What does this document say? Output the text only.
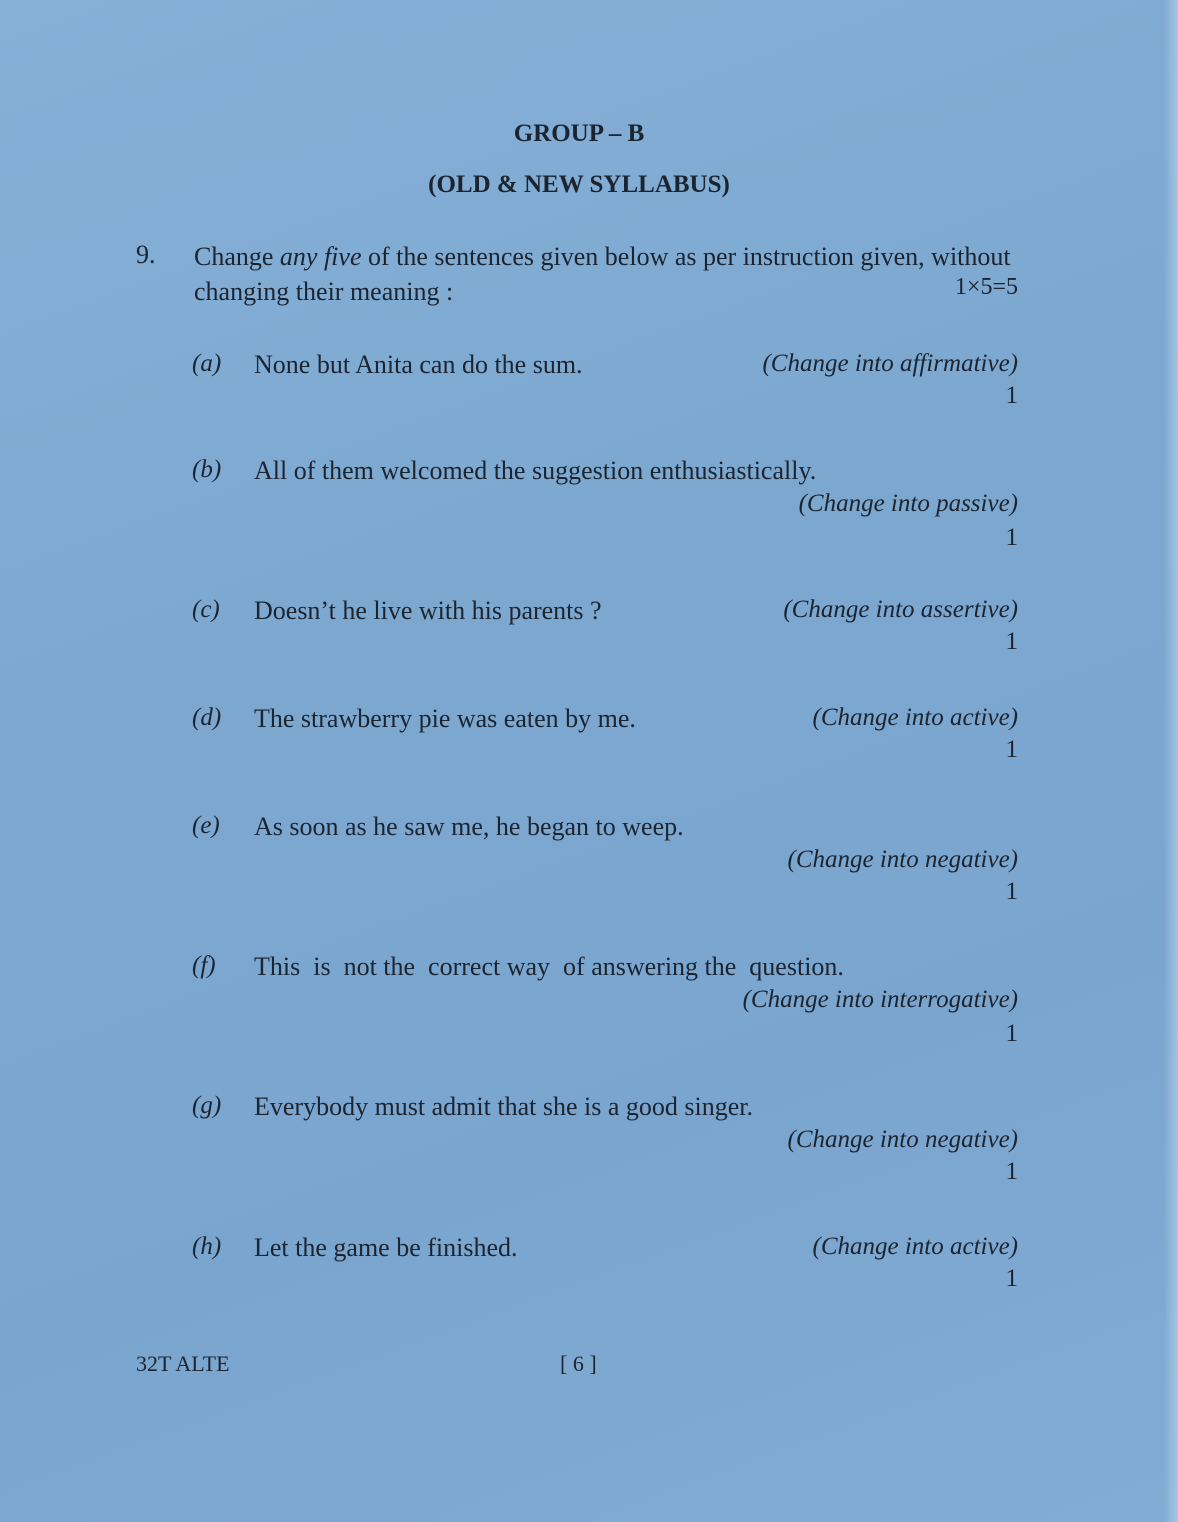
GROUP – B
(OLD & NEW SYLLABUS)
9. Change any five of the sentences given below as per instruction given, without changing their meaning :	1×5=5
(a) None but Anita can do the sum.	(Change into affirmative)
1
(b) All of them welcomed the suggestion enthusiastically.
(Change into passive)
1
(c) Doesn’t he live with his parents ?	(Change into assertive)
1
(d) The strawberry pie was eaten by me.	(Change into active)
1
(e) As soon as he saw me, he began to weep.
(Change into negative)
1
(f) This  is  not the  correct way  of answering the  question.
(Change into interrogative)
1
(g) Everybody must admit that she is a good singer.
(Change into negative)
1
(h) Let the game be finished.	(Change into active)
1
32T ALTE	[ 6 ]
